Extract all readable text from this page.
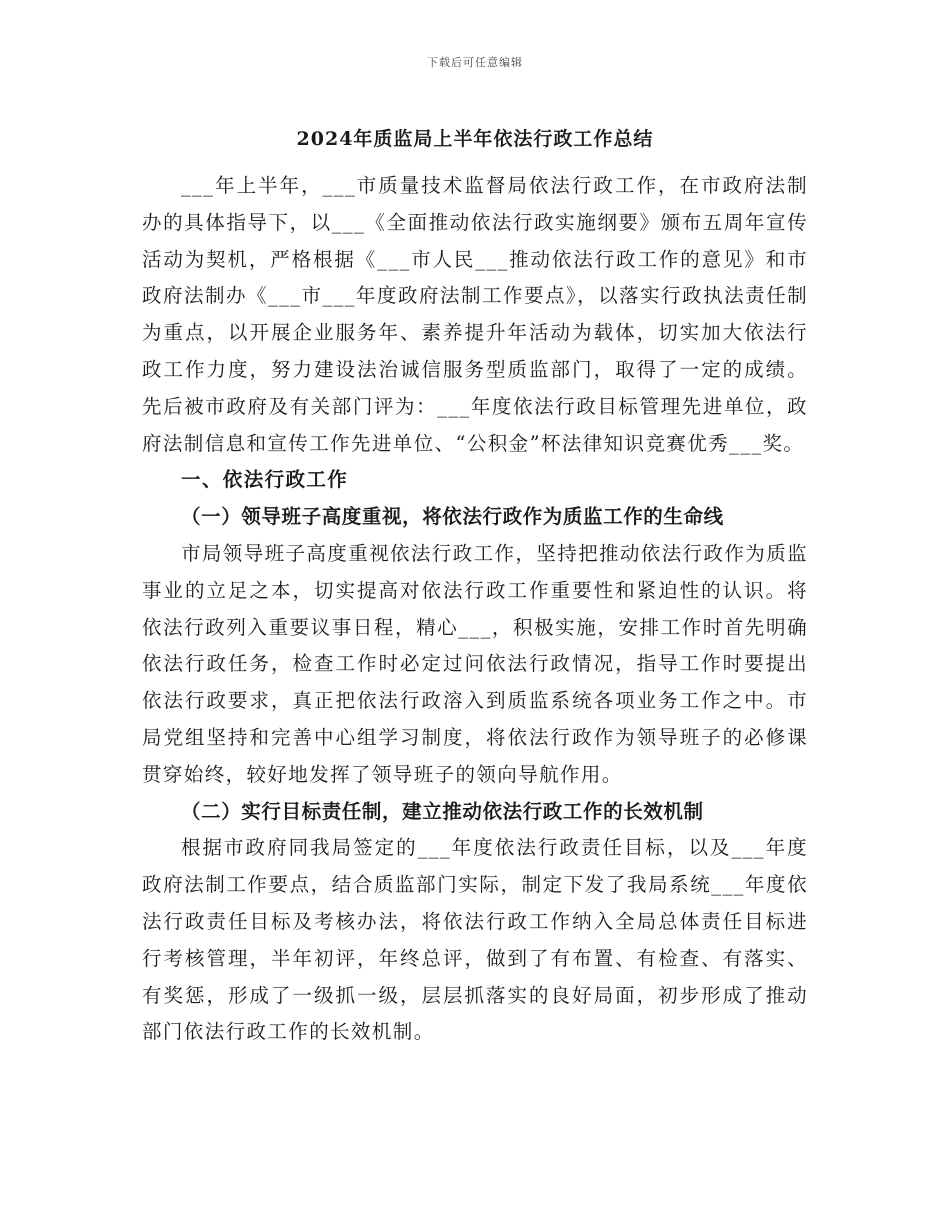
下载后可任意编辑
2024年质监局上半年依法行政工作总结

___年上半年，___市质量技术监督局依法行政工作，在市政府法制办的具体指导下，以___《全面推动依法行政实施纲要》颁布五周年宣传活动为契机，严格根据《___市人民___推动依法行政工作的意见》和市政府法制办《___市___年度政府法制工作要点》，以落实行政执法责任制为重点，以开展企业服务年、素养提升年活动为载体，切实加大依法行政工作力度，努力建设法治诚信服务型质监部门，取得了一定的成绩。先后被市政府及有关部门评为：___年度依法行政目标管理先进单位，政府法制信息和宣传工作先进单位、“公积金”杯法律知识竞赛优秀___奖。

一、依法行政工作
（一）领导班子高度重视，将依法行政作为质监工作的生命线

市局领导班子高度重视依法行政工作，坚持把推动依法行政作为质监事业的立足之本，切实提高对依法行政工作重要性和紧迫性的认识。将依法行政列入重要议事日程，精心___，积极实施，安排工作时首先明确依法行政任务，检查工作时必定过问依法行政情况，指导工作时要提出依法行政要求，真正把依法行政溶入到质监系统各项业务工作之中。市局党组坚持和完善中心组学习制度，将依法行政作为领导班子的必修课贯穿始终，较好地发挥了领导班子的领向导航作用。

（二）实行目标责任制，建立推动依法行政工作的长效机制

根据市政府同我局签定的___年度依法行政责任目标，以及___年度政府法制工作要点，结合质监部门实际，制定下发了我局系统___年度依法行政责任目标及考核办法，将依法行政工作纳入全局总体责任目标进行考核管理，半年初评，年终总评，做到了有布置、有检查、有落实、有奖惩，形成了一级抓一级，层层抓落实的良好局面，初步形成了推动部门依法行政工作的长效机制。
